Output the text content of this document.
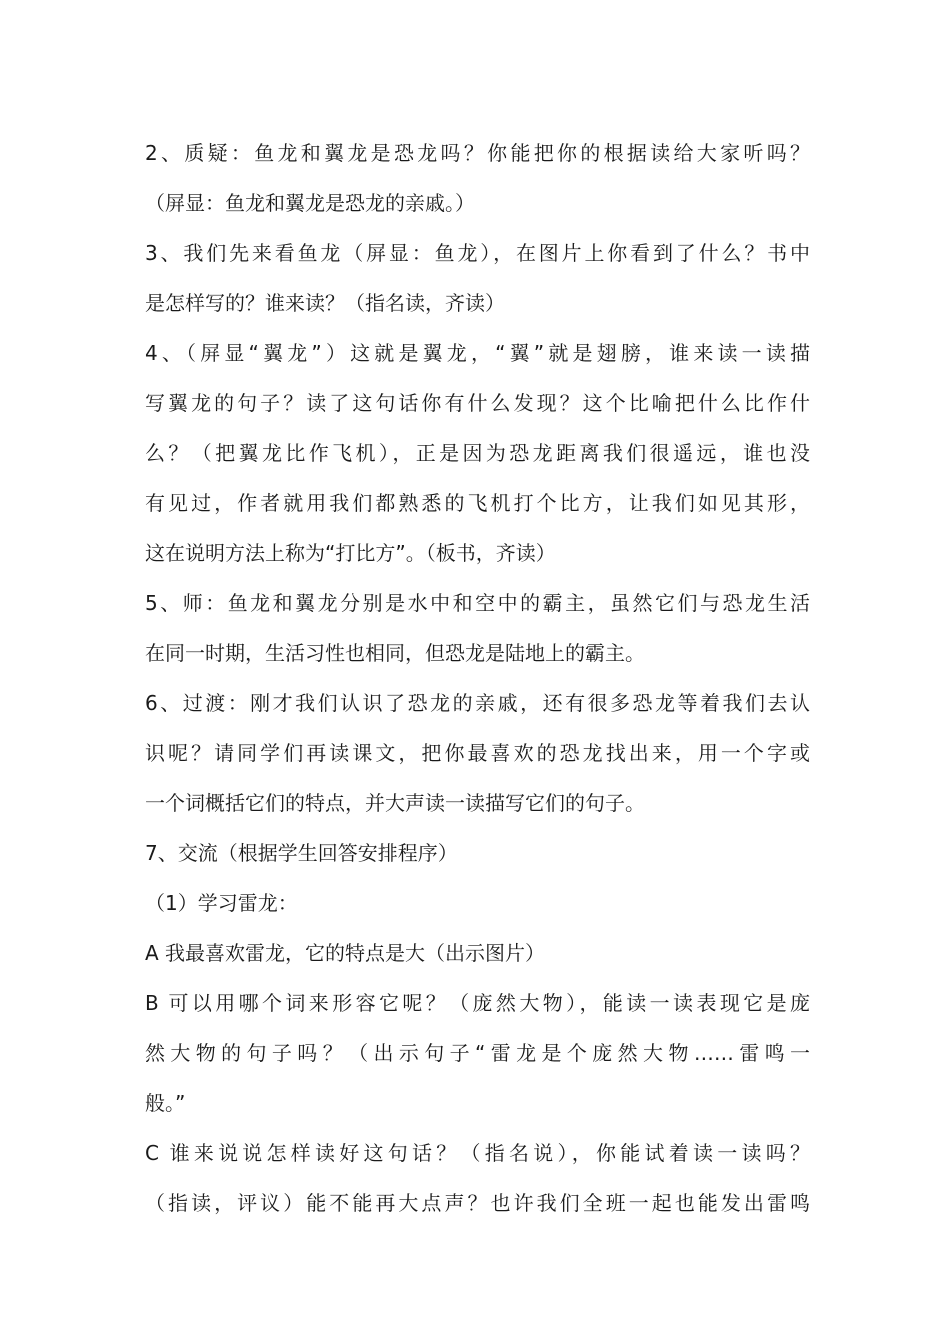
2、质疑：鱼龙和翼龙是恐龙吗？你能把你的根据读给大家听吗？
（屏显：鱼龙和翼龙是恐龙的亲戚。）
3、我们先来看鱼龙（屏显：鱼龙），在图片上你看到了什么？书中
是怎样写的？谁来读？（指名读，齐读）
4、（屏显“翼龙”）这就是翼龙，“翼”就是翅膀，谁来读一读描
写翼龙的句子？读了这句话你有什么发现？这个比喻把什么比作什
么？（把翼龙比作飞机），正是因为恐龙距离我们很遥远，谁也没
有见过，作者就用我们都熟悉的飞机打个比方，让我们如见其形，
这在说明方法上称为“打比方”。（板书，齐读）
5、师：鱼龙和翼龙分别是水中和空中的霸主，虽然它们与恐龙生活
在同一时期，生活习性也相同，但恐龙是陆地上的霸主。
6、过渡：刚才我们认识了恐龙的亲戚，还有很多恐龙等着我们去认
识呢？请同学们再读课文，把你最喜欢的恐龙找出来，用一个字或
一个词概括它们的特点，并大声读一读描写它们的句子。
7、交流（根据学生回答安排程序）
（1）学习雷龙：
A 我最喜欢雷龙，它的特点是大（出示图片）
B 可以用哪个词来形容它呢？（庞然大物），能读一读表现它是庞
然大物的句子吗？（出示句子“雷龙是个庞然大物……雷鸣一
般。”
C 谁来说说怎样读好这句话？（指名说），你能试着读一读吗？
（指读，评议）能不能再大点声？也许我们全班一起也能发出雷鸣
